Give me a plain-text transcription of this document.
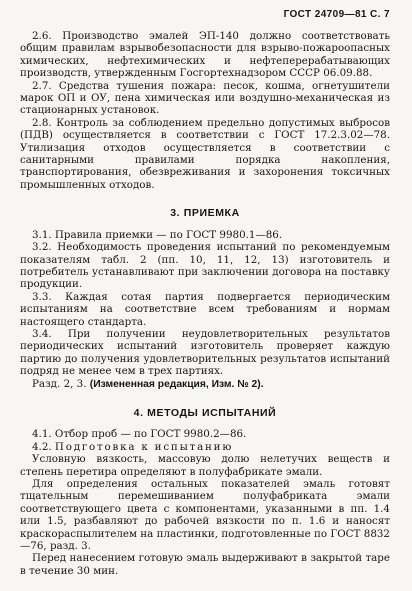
ГОСТ 24709—81 С. 7

2.6. Производство эмалей ЭП-140 должно соответствовать общим правилам взрывобезопасности для взрыво-пожароопасных химических, нефтехимических и нефтеперерабатывающих производств, утвержденным Госгортехнадзором СССР 06.09.88.

2.7. Средства тушения пожара: песок, кошма, огнетушители марок ОП и ОУ, пена химическая или воздушно-механическая из стационарных установок.

2.8. Контроль за соблюдением предельно допустимых выбросов (ПДВ) осуществляется в соответствии с ГОСТ 17.2.3.02—78. Утилизация отходов осуществляется в соответствии с санитарными правилами порядка накопления, транспортирования, обезвреживания и захоронения токсичных промышленных отходов.

3. ПРИЕМКА

3.1. Правила приемки — по ГОСТ 9980.1—86.

3.2. Необходимость проведения испытаний по рекомендуемым показателям табл. 2 (пп. 10, 11, 12, 13) изготовитель и потребитель устанавливают при заключении договора на поставку продукции.

3.3. Каждая сотая партия подвергается периодическим испытаниям на соответствие всем требованиям и нормам настоящего стандарта.

3.4. При получении неудовлетворительных результатов периодических испытаний изготовитель проверяет каждую партию до получения удовлетворительных результатов испытаний подряд не менее чем в трех партиях.

Разд. 2, 3. (Измененная редакция, Изм. № 2).

4. МЕТОДЫ ИСПЫТАНИЙ

4.1. Отбор проб — по ГОСТ 9980.2—86.

4.2. Подготовка к испытанию

Условную вязкость, массовую долю нелетучих веществ и степень перетира определяют в полуфабрикате эмали.

Для определения остальных показателей эмаль готовят тщательным перемешиванием полуфабриката эмали соответствующего цвета с компонентами, указанными в пп. 1.4 или 1.5, разбавляют до рабочей вязкости по п. 1.6 и наносят краскораспылителем на пластинки, подготовленные по ГОСТ 8832—76, разд. 3.

Перед нанесением готовую эмаль выдерживают в закрытой таре в течение 30 мин.
